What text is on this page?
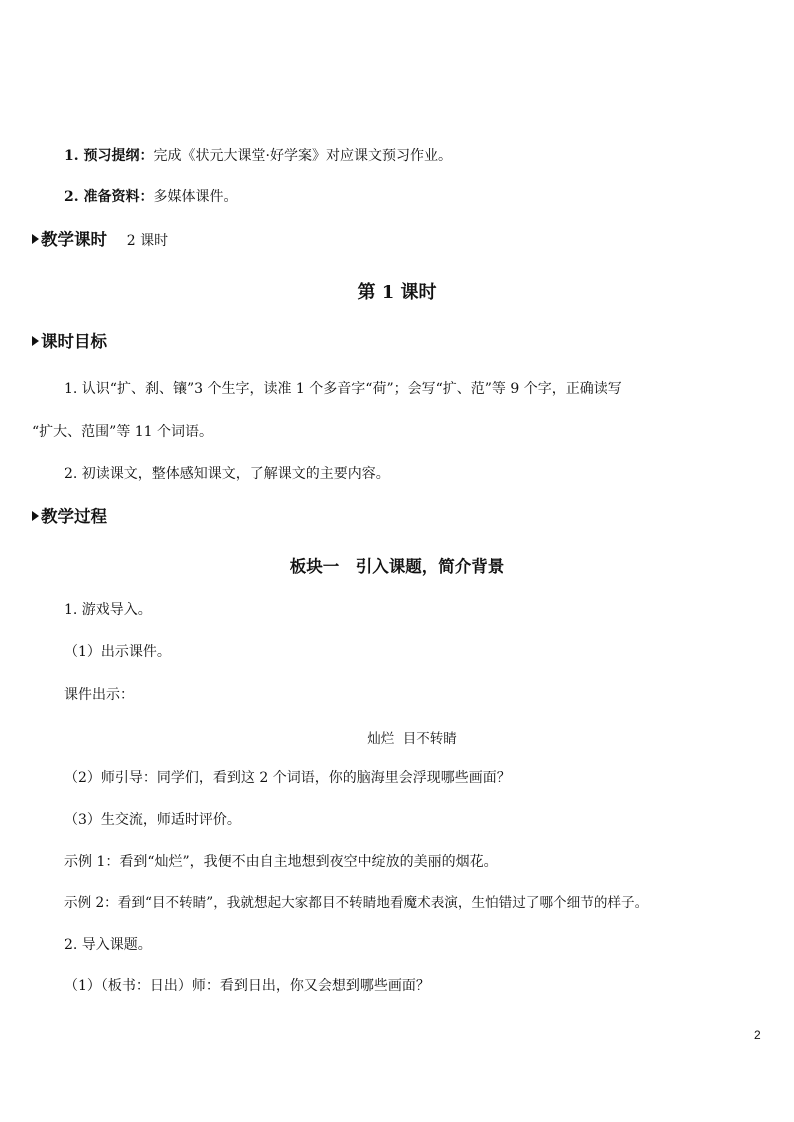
1. 预习提纲：完成《状元大课堂·好学案》对应课文预习作业。
2. 准备资料：多媒体课件。
教学课时 2 课时
第 1 课时
课时目标
1. 认识“扩、刹、镶”3 个生字，读准 1 个多音字“荷”；会写“扩、范”等 9 个字，正确读写
“扩大、范围”等 11 个词语。
2. 初读课文，整体感知课文，了解课文的主要内容。
教学过程
板块一　引入课题，简介背景
1. 游戏导入。
（1）出示课件。
课件出示：
灿烂  目不转睛
（2）师引导：同学们，看到这 2 个词语，你的脑海里会浮现哪些画面？
（3）生交流，师适时评价。
示例 1：看到“灿烂”，我便不由自主地想到夜空中绽放的美丽的烟花。
示例 2：看到“目不转睛”，我就想起大家都目不转睛地看魔术表演，生怕错过了哪个细节的样子。
2. 导入课题。
（1）（板书：日出）师：看到日出，你又会想到哪些画面？
2
